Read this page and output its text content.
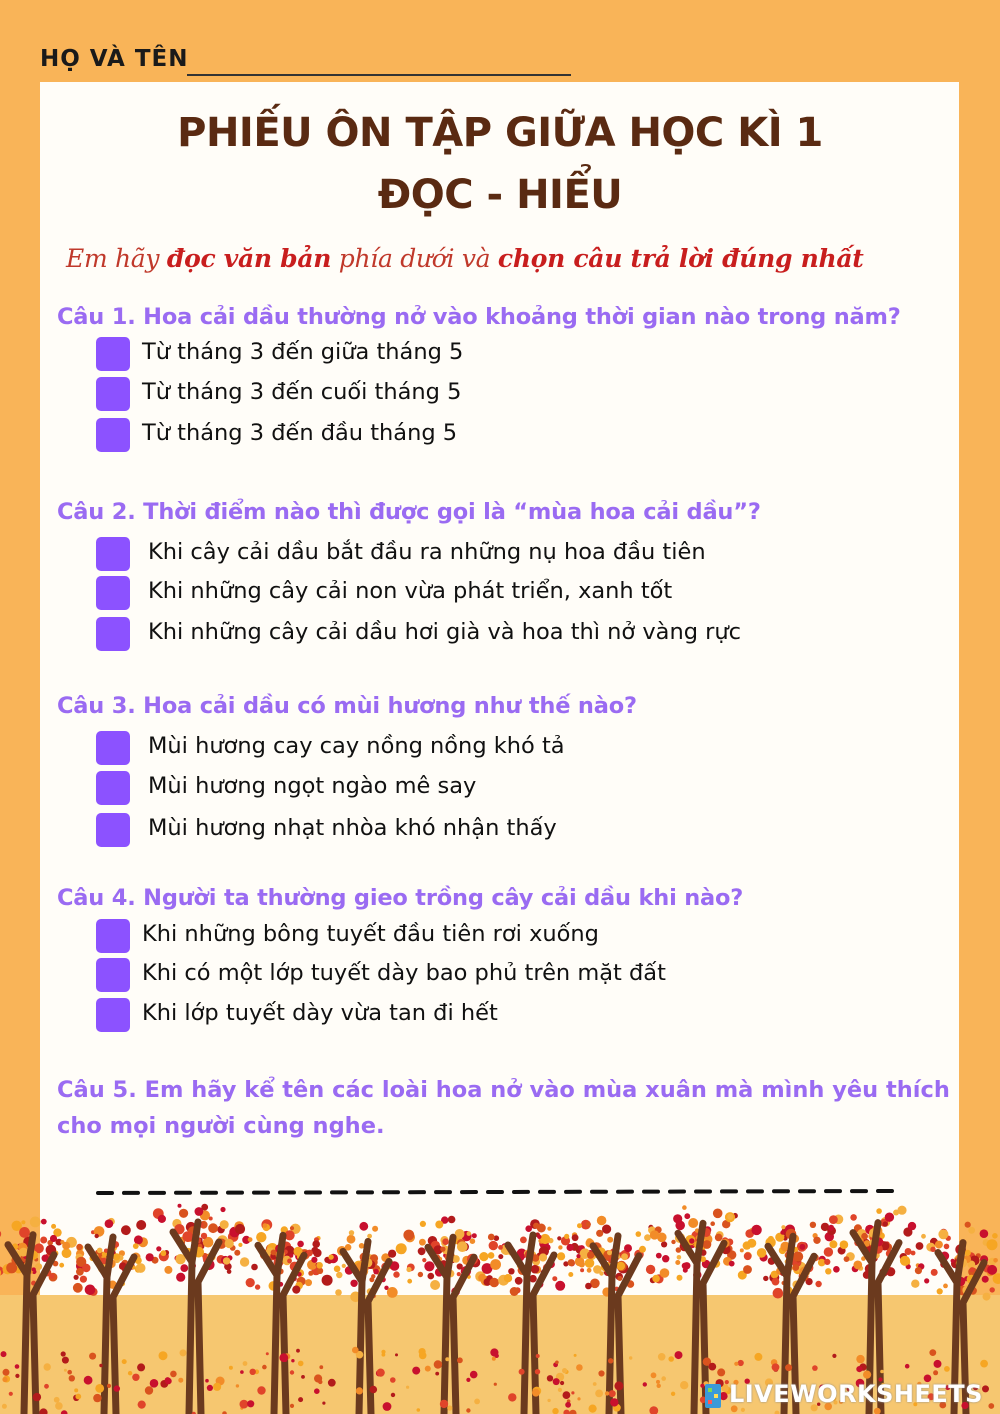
HỌ VÀ TÊN
PHIẾU ÔN TẬP GIỮA HỌC KÌ 1
ĐỌC - HIỂU
Em hãy đọc văn bản phía dưới và chọn câu trả lời đúng nhất
Câu 1. Hoa cải dầu thường nở vào khoảng thời gian nào trong năm?
Từ tháng 3 đến giữa tháng 5
Từ tháng 3 đến cuối tháng 5
Từ tháng 3 đến đầu tháng 5
Câu 2. Thời điểm nào thì được gọi là “mùa hoa cải dầu”?
Khi cây cải dầu bắt đầu ra những nụ hoa đầu tiên
Khi những cây cải non vừa phát triển, xanh tốt
Khi những cây cải dầu hơi già và hoa thì nở vàng rực
Câu 3. Hoa cải dầu có mùi hương như thế nào?
Mùi hương cay cay nồng nồng khó tả
Mùi hương ngọt ngào mê say
Mùi hương nhạt nhòa khó nhận thấy
Câu 4. Người ta thường gieo trồng cây cải dầu khi nào?
Khi những bông tuyết đầu tiên rơi xuống
Khi có một lớp tuyết dày bao phủ trên mặt đất
Khi lớp tuyết dày vừa tan đi hết
Câu 5. Em hãy kể tên các loài hoa nở vào mùa xuân mà mình yêu thích
cho mọi người cùng nghe.
LIVEWORKSHEETS
